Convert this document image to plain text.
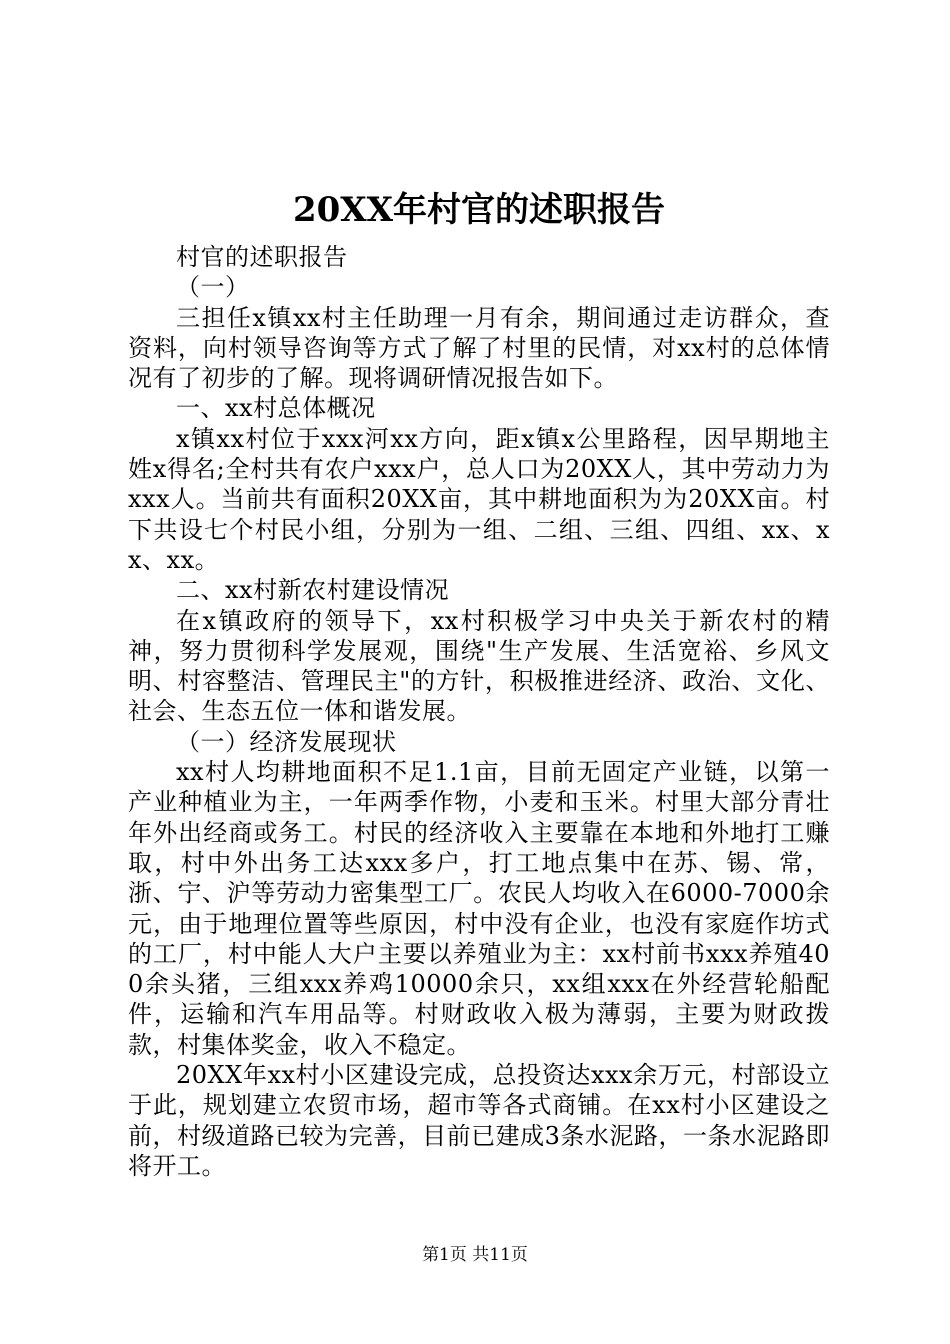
20XX年村官的述职报告

村官的述职报告

（一）

三担任x镇xx村主任助理一月有余，期间通过走访群众，查资料，向村领导咨询等方式了解了村里的民情，对xx村的总体情况有了初步的了解。现将调研情况报告如下。

一、xx村总体概况

x镇xx村位于xxx河xx方向，距x镇x公里路程，因早期地主姓x得名;全村共有农户xxx户，总人口为20XX人，其中劳动力为xxx人。当前共有面积20XX亩，其中耕地面积为为20XX亩。村下共设七个村民小组，分别为一组、二组、三组、四组、xx、xx、xx。

二、xx村新农村建设情况

在x镇政府的领导下，xx村积极学习中央关于新农村的精神，努力贯彻科学发展观，围绕"生产发展、生活宽裕、乡风文明、村容整洁、管理民主"的方针，积极推进经济、政治、文化、社会、生态五位一体和谐发展。

（一）经济发展现状

xx村人均耕地面积不足1.1亩，目前无固定产业链，以第一产业种植业为主，一年两季作物，小麦和玉米。村里大部分青壮年外出经商或务工。村民的经济收入主要靠在本地和外地打工赚取，村中外出务工达xxx多户，打工地点集中在苏、锡、常，浙、宁、沪等劳动力密集型工厂。农民人均收入在6000-7000余元，由于地理位置等些原因，村中没有企业，也没有家庭作坊式的工厂，村中能人大户主要以养殖业为主：xx村前书xxx养殖400余头猪，三组xxx养鸡10000余只，xx组xxx在外经营轮船配件，运输和汽车用品等。村财政收入极为薄弱，主要为财政拨款，村集体奖金，收入不稳定。

20XX年xx村小区建设完成，总投资达xxx余万元，村部设立于此，规划建立农贸市场，超市等各式商铺。在xx村小区建设之前，村级道路已较为完善，目前已建成3条水泥路，一条水泥路即将开工。

第1页 共11页
